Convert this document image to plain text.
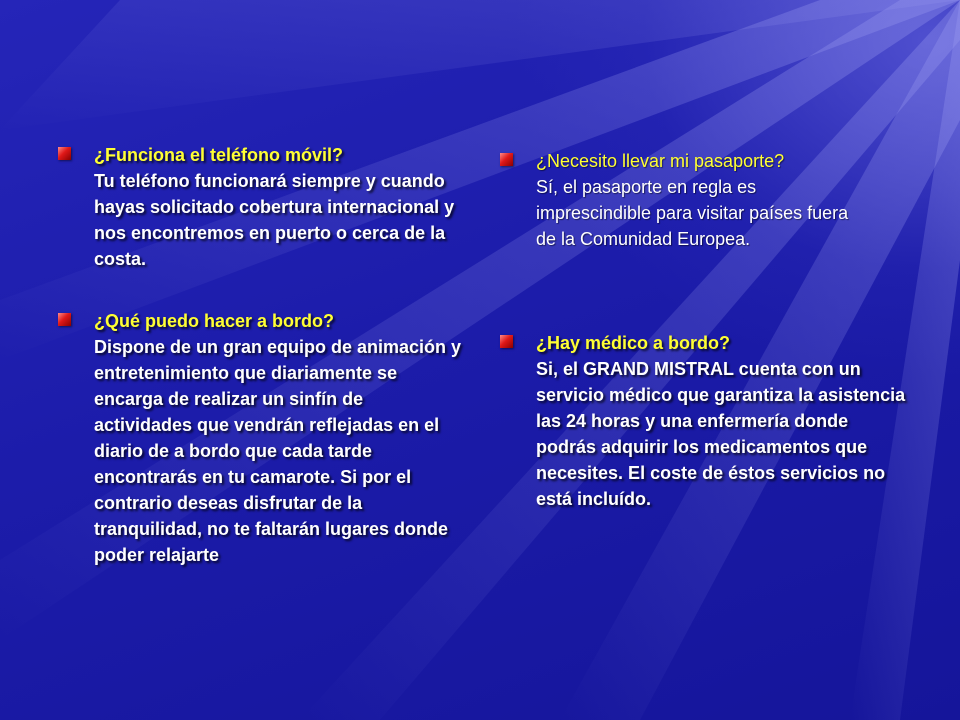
¿Funciona el teléfono móvil?
Tu teléfono funcionará siempre y cuando hayas solicitado cobertura internacional y nos encontremos en puerto o cerca de la costa.
¿Necesito llevar mi pasaporte?
Sí, el pasaporte en regla es imprescindible para visitar países fuera de la Comunidad Europea.
¿Qué puedo hacer a bordo?
Dispone de un gran equipo de animación y entretenimiento que diariamente se encarga de realizar un sinfín de actividades que vendrán reflejadas en el diario de a bordo que cada tarde encontrarás en tu camarote. Si por el contrario deseas disfrutar de la tranquilidad, no te faltarán lugares donde poder relajarte
¿Hay médico a bordo?
Si, el GRAND MISTRAL cuenta con un servicio médico que garantiza la asistencia las 24 horas y una enfermería donde podrás adquirir los medicamentos que necesites. El coste de éstos servicios no está incluído.
